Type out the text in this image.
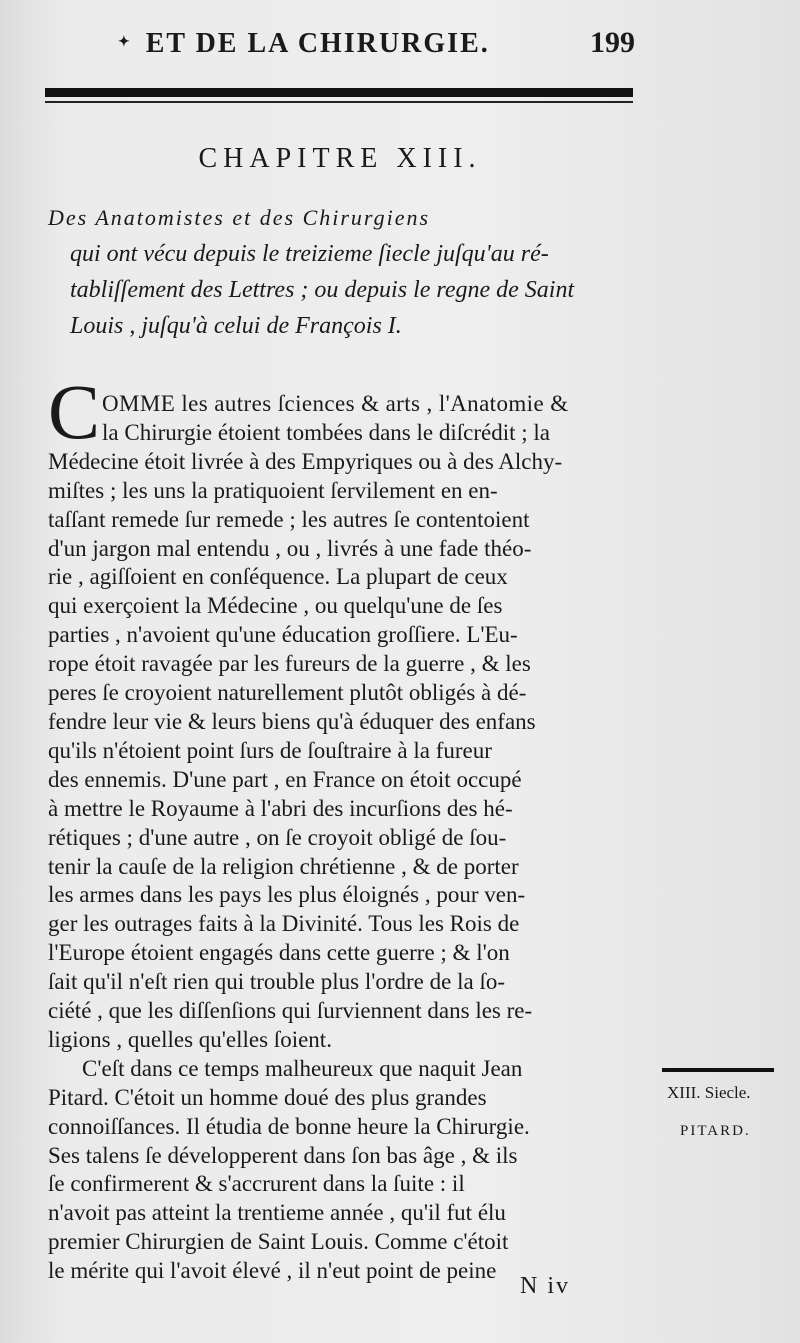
✦ ET DE LA CHIRURGIE.	199
CHAPITRE XIII.
Des Anatomistes et des Chirurgiens
qui ont vécu depuis le treizieme ſiecle juſqu'au ré-
tabliſſement des Lettres ; ou depuis le regne de Saint
Louis , juſqu'à celui de François I.
C OMME les autres ſciences & arts , l'Anatomie &
la Chirurgie étoient tombées dans le diſcrédit ; la
Médecine étoit livrée à des Empyriques ou à des Alchy-
miſtes ; les uns la pratiquoient ſervilement en en-
taſſant remede ſur remede ; les autres ſe contentoient
d'un jargon mal entendu , ou , livrés à une fade théo-
rie , agiſſoient en conſéquence. La plupart de ceux
qui exerçoient la Médecine , ou quelqu'une de ſes
parties , n'avoient qu'une éducation groſſiere. L'Eu-
rope étoit ravagée par les fureurs de la guerre , & les
peres ſe croyoient naturellement plutôt obligés à dé-
fendre leur vie & leurs biens qu'à éduquer des enfans
qu'ils n'étoient point ſurs de ſouſtraire à la fureur
des ennemis. D'une part , en France on étoit occupé
à mettre le Royaume à l'abri des incurſions des hé-
rétiques ; d'une autre , on ſe croyoit obligé de ſou-
tenir la cauſe de la religion chrétienne , & de porter
les armes dans les pays les plus éloignés , pour ven-
ger les outrages faits à la Divinité. Tous les Rois de
l'Europe étoient engagés dans cette guerre ; & l'on
ſait qu'il n'eſt rien qui trouble plus l'ordre de la ſo-
ciété , que les diſſenſions qui ſurviennent dans les re-
ligions , quelles qu'elles ſoient.
C'eſt dans ce temps malheureux que naquit Jean
Pitard. C'étoit un homme doué des plus grandes
connoiſſances. Il étudia de bonne heure la Chirurgie.
Ses talens ſe développerent dans ſon bas âge , & ils
ſe confirmerent & s'accrurent dans la ſuite : il
n'avoit pas atteint la trentieme année , qu'il fut élu
premier Chirurgien de Saint Louis. Comme c'étoit
le mérite qui l'avoit élevé , il n'eut point de peine
XIII. Siecle.
PITARD.
N iv
